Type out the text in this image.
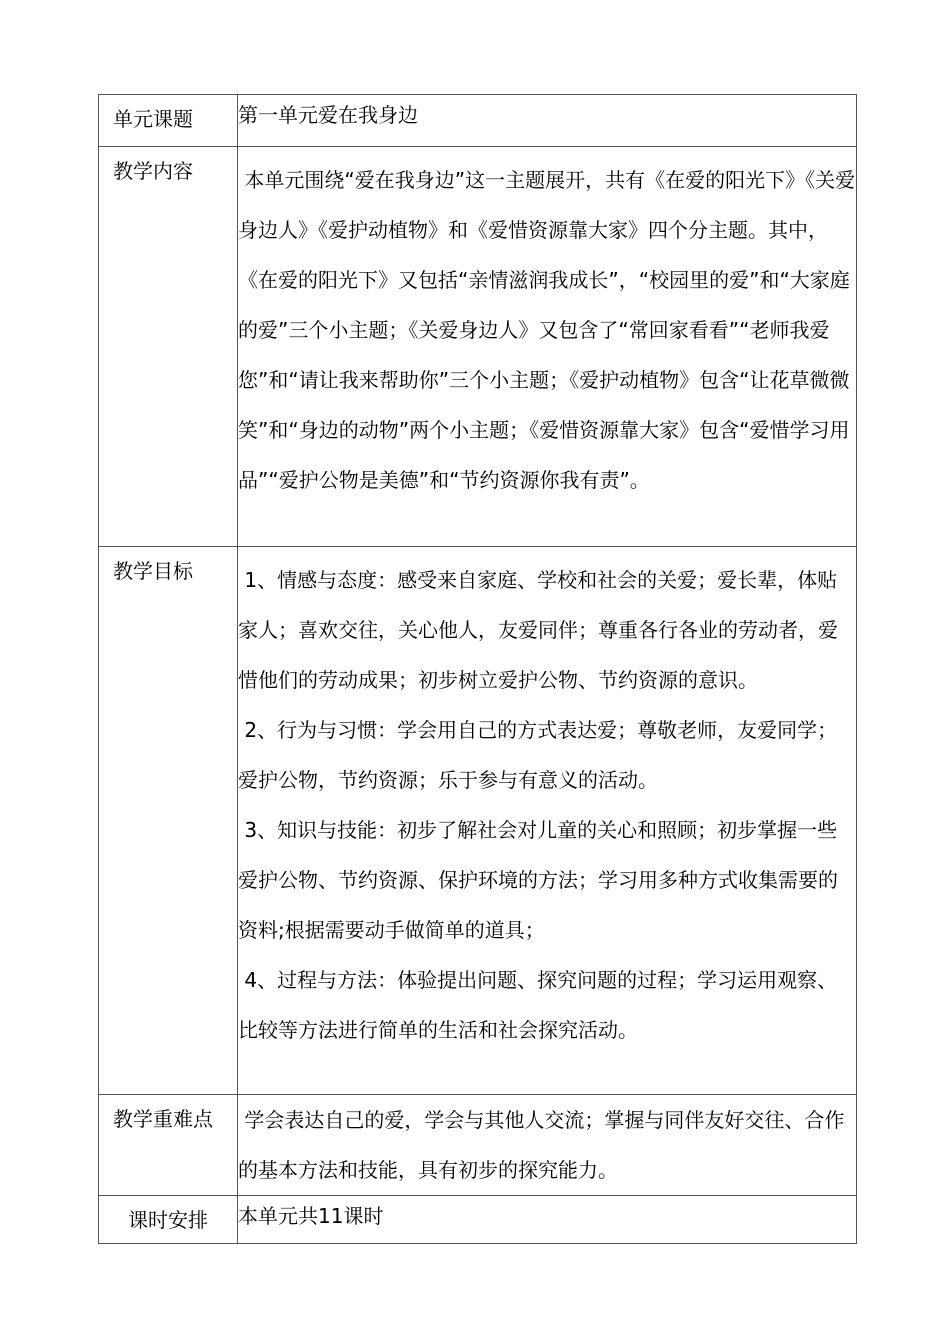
单元课题	第一单元爱在我身边

教学内容	本单元围绕“爱在我身边”这一主题展开，共有《在爱的阳光下》《关爱身边人》《爱护动植物》和《爱惜资源靠大家》四个分主题。其中，《在爱的阳光下》又包括“亲情滋润我成长”，“校园里的爱”和“大家庭的爱”三个小主题；《关爱身边人》又包含了“常回家看看”“老师我爱您”和“请让我来帮助你”三个小主题；《爱护动植物》包含“让花草微微笑”和“身边的动物”两个小主题；《爱惜资源靠大家》包含“爱惜学习用品”“爱护公物是美德”和“节约资源你我有责”。

教学目标	1、情感与态度：感受来自家庭、学校和社会的关爱；爱长辈，体贴家人；喜欢交往，关心他人，友爱同伴；尊重各行各业的劳动者，爱惜他们的劳动成果；初步树立爱护公物、节约资源的意识。

2、行为与习惯：学会用自己的方式表达爱；尊敬老师，友爱同学；爱护公物，节约资源；乐于参与有意义的活动。

3、知识与技能：初步了解社会对儿童的关心和照顾；初步掌握一些爱护公物、节约资源、保护环境的方法；学习用多种方式收集需要的资料;根据需要动手做简单的道具；

4、过程与方法：体验提出问题、探究问题的过程；学习运用观察、比较等方法进行简单的生活和社会探究活动。

教学重难点	学会表达自己的爱，学会与其他人交流；掌握与同伴友好交往、合作的基本方法和技能，具有初步的探究能力。

课时安排	本单元共11课时
